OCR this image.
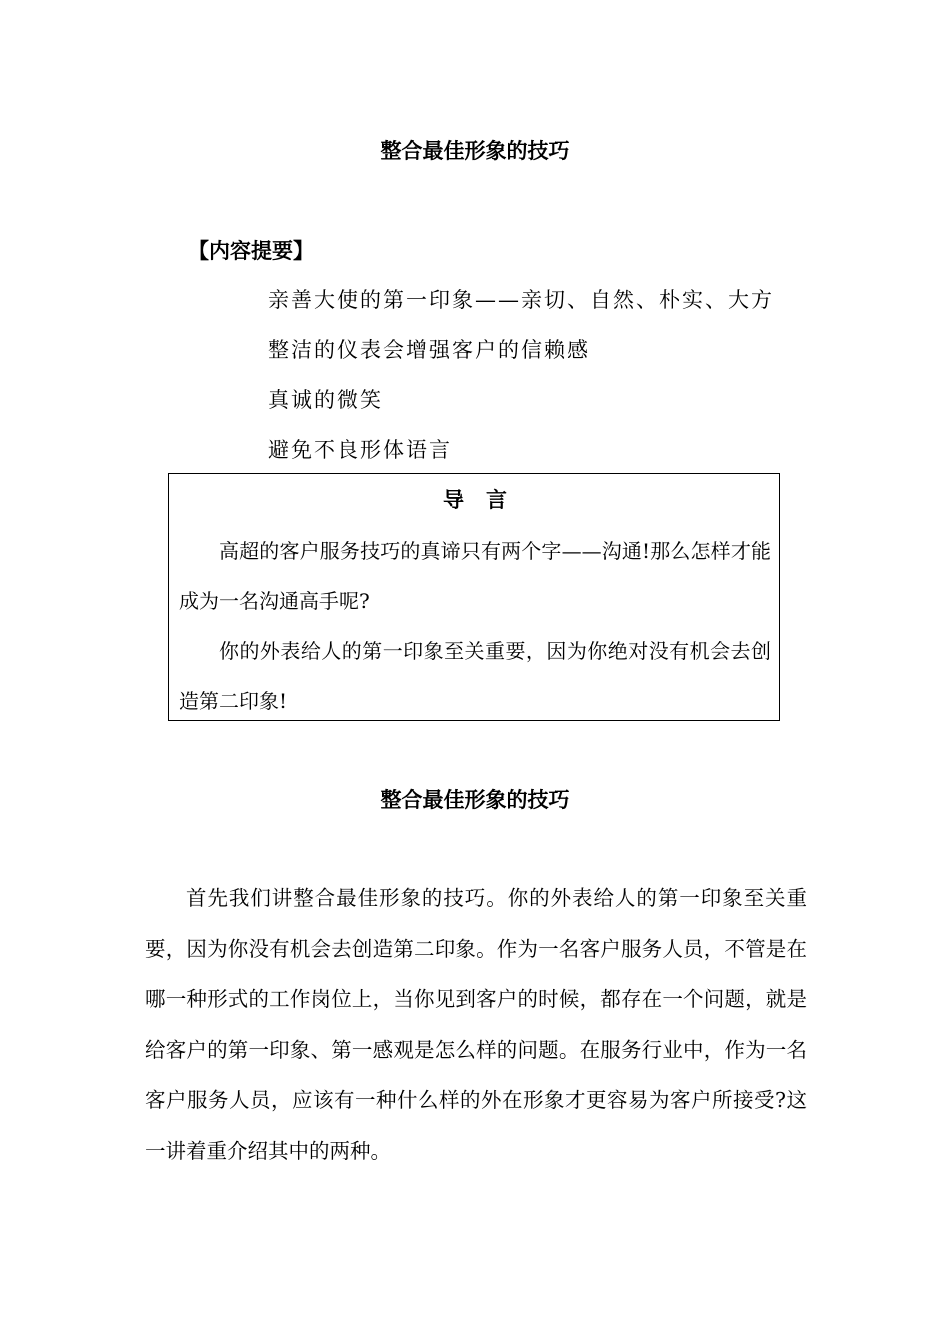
整合最佳形象的技巧
【内容提要】
亲善大使的第一印象——亲切、自然、朴实、大方
整洁的仪表会增强客户的信赖感
真诚的微笑
避免不良形体语言
导言

高超的客户服务技巧的真谛只有两个字——沟通!那么怎样才能成为一名沟通高手呢?

你的外表给人的第一印象至关重要，因为你绝对没有机会去创造第二印象!

整合最佳形象的技巧

首先我们讲整合最佳形象的技巧。你的外表给人的第一印象至关重要，因为你没有机会去创造第二印象。作为一名客户服务人员，不管是在哪一种形式的工作岗位上，当你见到客户的时候，都存在一个问题，就是给客户的第一印象、第一感观是怎么样的问题。在服务行业中，作为一名客户服务人员，应该有一种什么样的外在形象才更容易为客户所接受?这一讲着重介绍其中的两种。
